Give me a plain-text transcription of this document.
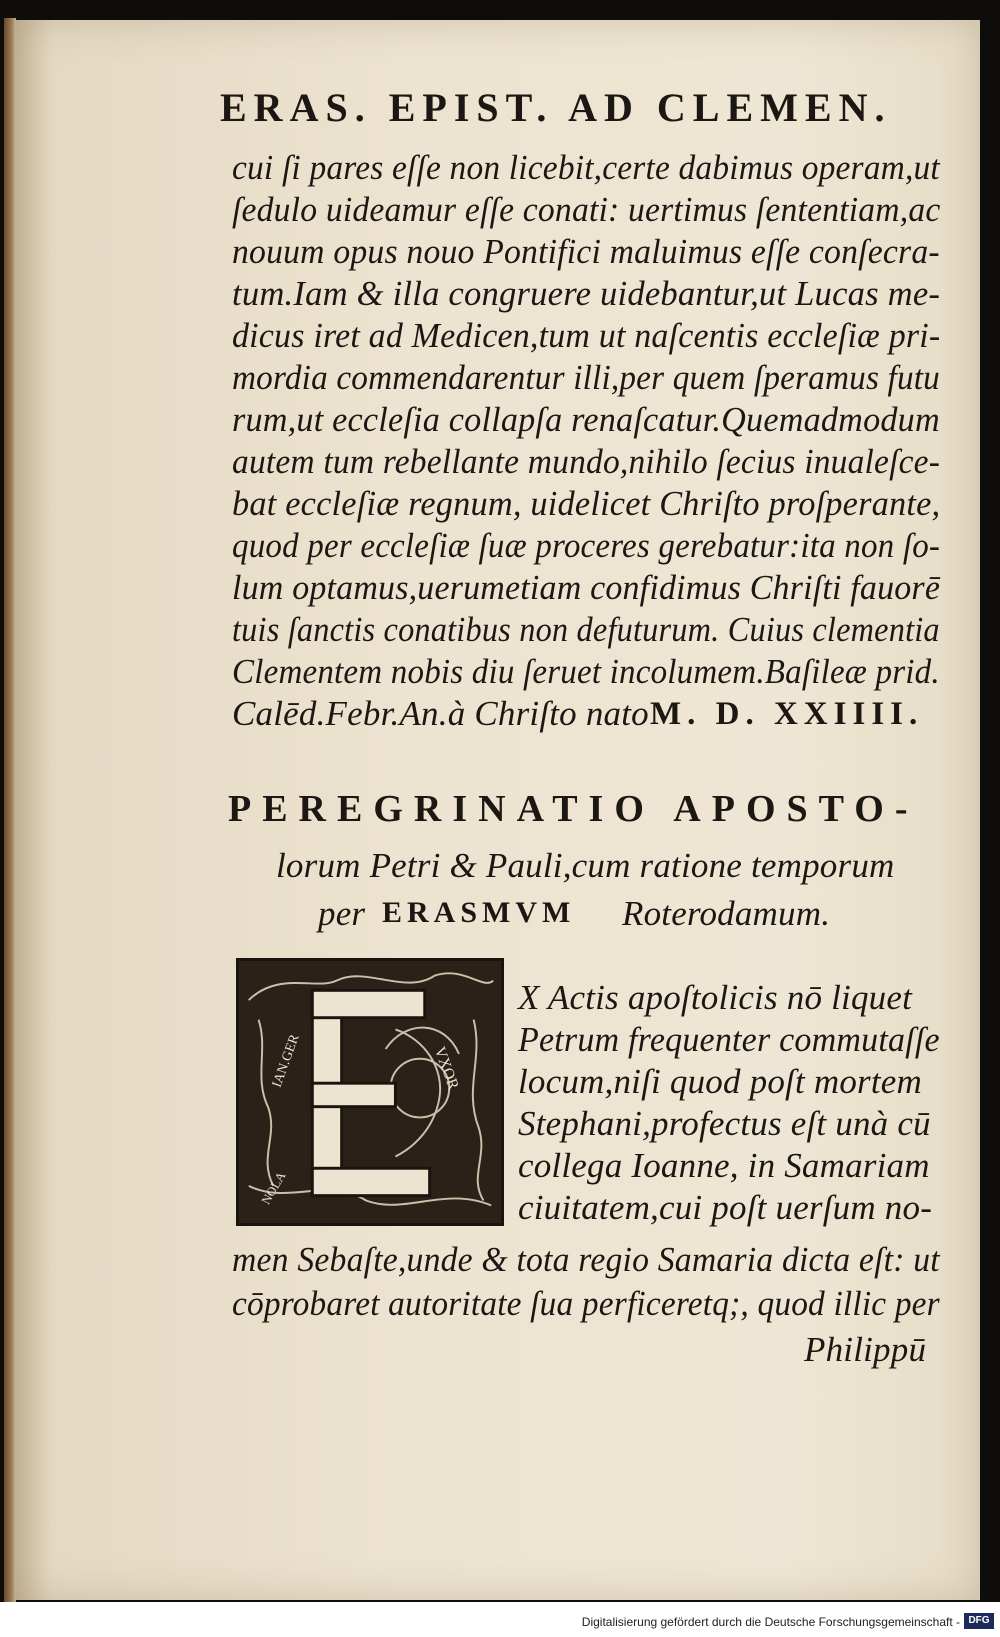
ERAS. EPIST. AD CLEMEN.
cui ſi pares eſſe non licebit,certe dabimus operam,ut
ſedulo uideamur eſſe conati: uertimus ſententiam,ac
nouum opus nouo Pontifici maluimus eſſe conſecra-
tum.Iam & illa congruere uidebantur,ut Lucas me-
dicus iret ad Medicen,tum ut naſcentis eccleſiæ pri-
mordia commendarentur illi,per quem ſperamus futu
rum,ut eccleſia collapſa renaſcatur.Quemadmodum
autem tum rebellante mundo,nihilo ſecius inualeſce-
bat eccleſiæ regnum, uidelicet Chriſto proſperante,
quod per eccleſiæ ſuæ proceres gerebatur:ita non ſo-
lum optamus,uerumetiam confidimus Chriſti fauorē
tuis ſanctis conatibus non defuturum. Cuius clementia
Clementem nobis diu ſeruet incolumem.Baſileæ prid.
Calēd.Febr.An.à Chriſto nato M. D. XXIIII.
PEREGRINATIO APOSTO-
lorum Petri & Pauli,cum ratione temporum
per ERASMVM Roterodamum.
IAN.GER	VXOR
NOLA
X Actis apoſtolicis nō liquet
Petrum frequenter commutaſſe
locum,niſi quod poſt mortem
Stephani,profectus eſt unà cū
collega Ioanne, in Samariam
ciuitatem,cui poſt uerſum no-
men Sebaſte,unde & tota regio Samaria dicta eſt: ut
cōprobaret autoritate ſua perficeretq;, quod illic per
Philippū
Digitalisierung gefördert durch die Deutsche Forschungsgemeinschaft - DFG
